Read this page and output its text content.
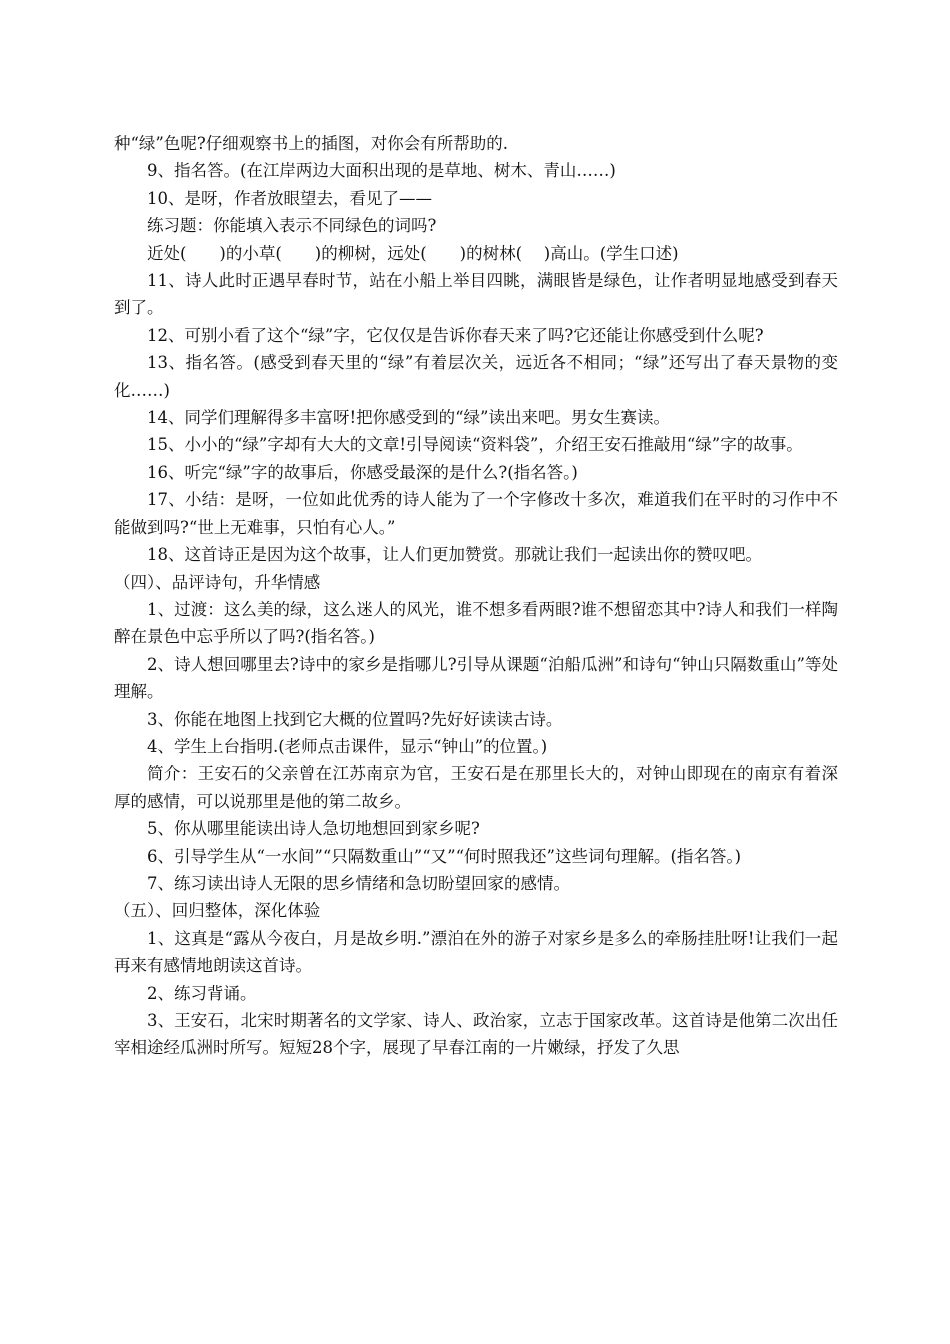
种“绿”色呢?仔细观察书上的插图，对你会有所帮助的.

9、指名答。(在江岸两边大面积出现的是草地、树木、青山……)

10、是呀，作者放眼望去，看见了——

练习题：你能填入表示不同绿色的词吗?

近处(　　)的小草(　　)的柳树，远处(　　)的树林(　 )高山。(学生口述)

11、诗人此时正遇早春时节，站在小船上举目四眺，满眼皆是绿色，让作者明显地感受到春天到了。

12、可别小看了这个“绿”字，它仅仅是告诉你春天来了吗?它还能让你感受到什么呢?

13、指名答。(感受到春天里的“绿”有着层次关，远近各不相同；“绿”还写出了春天景物的变化……)

14、同学们理解得多丰富呀!把你感受到的“绿”读出来吧。男女生赛读。

15、小小的“绿”字却有大大的文章!引导阅读“资料袋”，介绍王安石推敲用“绿”字的故事。

16、听完“绿”字的故事后，你感受最深的是什么?(指名答。)

17、小结：是呀，一位如此优秀的诗人能为了一个字修改十多次，难道我们在平时的习作中不能做到吗?“世上无难事，只怕有心人。”

18、这首诗正是因为这个故事，让人们更加赞赏。那就让我们一起读出你的赞叹吧。

（四）、品评诗句，升华情感

1、过渡：这么美的绿，这么迷人的风光，谁不想多看两眼?谁不想留恋其中?诗人和我们一样陶醉在景色中忘乎所以了吗?(指名答。)

2、诗人想回哪里去?诗中的家乡是指哪儿?引导从课题“泊船瓜洲”和诗句“钟山只隔数重山”等处理解。

3、你能在地图上找到它大概的位置吗?先好好读读古诗。

4、学生上台指明.(老师点击课件，显示“钟山”的位置。)

简介：王安石的父亲曾在江苏南京为官，王安石是在那里长大的，对钟山即现在的南京有着深厚的感情，可以说那里是他的第二故乡。

5、你从哪里能读出诗人急切地想回到家乡呢?

6、引导学生从“一水间”“只隔数重山”“又”“何时照我还”这些词句理解。(指名答。)

7、练习读出诗人无限的思乡情绪和急切盼望回家的感情。

（五）、回归整体，深化体验

1、这真是“露从今夜白，月是故乡明.”漂泊在外的游子对家乡是多么的牵肠挂肚呀!让我们一起再来有感情地朗读这首诗。

2、练习背诵。

3、王安石，北宋时期著名的文学家、诗人、政治家，立志于国家改革。这首诗是他第二次出任宰相途经瓜洲时所写。短短28个字，展现了早春江南的一片嫩绿，抒发了久思
